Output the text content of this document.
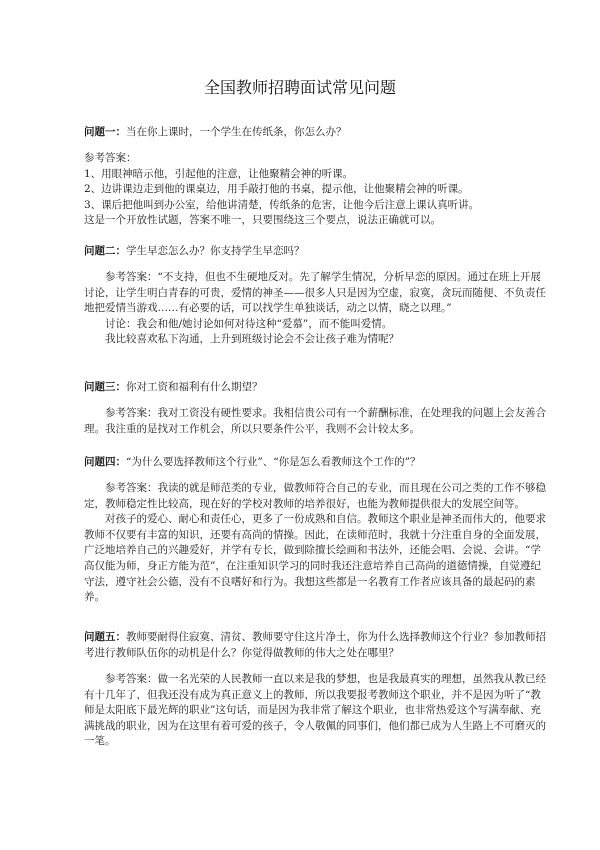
全国教师招聘面试常见问题

问题一：当在你上课时，一个学生在传纸条，你怎么办？

参考答案：

1、用眼神暗示他，引起他的注意，让他聚精会神的听课。

2、边讲课边走到他的课桌边，用手敲打他的书桌，提示他，让他聚精会神的听课。

3、课后把他叫到办公室，给他讲清楚，传纸条的危害，让他今后注意上课认真听讲。

这是一个开放性试题，答案不唯一，只要围绕这三个要点，说法正确就可以。

问题二：学生早恋怎么办？你支持学生早恋吗？

参考答案：“不支持，但也不生硬地反对。先了解学生情况，分析早恋的原因。通过在班上开展讨论，让学生明白青春的可贵，爱情的神圣——很多人只是因为空虚，寂寞，贪玩而随便、不负责任地把爱情当游戏……有必要的话，可以找学生单独谈话，动之以情，晓之以理。”

讨论：我会和他/她讨论如何对待这种“爱慕”，而不能叫爱情。

我比较喜欢私下沟通，上升到班级讨论会不会让孩子难为情呢？

问题三：你对工资和福利有什么期望？

参考答案：我对工资没有硬性要求。我相信贵公司有一个薪酬标准，在处理我的问题上会友善合理。我注重的是找对工作机会，所以只要条件公平，我则不会计较太多。

问题四：“为什么要选择教师这个行业”、“你是怎么看教师这个工作的”？

参考答案：我读的就是师范类的专业，做教师符合自己的专业，而且现在公司之类的工作不够稳定，教师稳定性比较高，现在好的学校对教师的培养很好，也能为教师提供很大的发展空间等。

对孩子的爱心、耐心和责任心，更多了一份成熟和自信。教师这个职业是神圣而伟大的，他要求教师不仅要有丰富的知识，还要有高尚的情操。因此，在读师范时，我就十分注重自身的全面发展，广泛地培养自己的兴趣爱好，并学有专长，做到除擅长绘画和书法外，还能会唱、会说、会讲。“学高仅能为师，身正方能为范”，在注重知识学习的同时我还注意培养自己高尚的道德情操，自觉遵纪守法，遵守社会公德，没有不良嗜好和行为。我想这些都是一名教育工作者应该具备的最起码的素养。

问题五：教师要耐得住寂寞、清贫、教师要守住这片净土，你为什么选择教师这个行业？参加教师招考进行教师队伍你的动机是什么？你觉得做教师的伟大之处在哪里？

参考答案：做一名光荣的人民教师一直以来是我的梦想，也是我最真实的理想，虽然我从教已经有十几年了，但我还没有成为真正意义上的教师，所以我要报考教师这个职业，并不是因为听了“教师是太阳底下最光辉的职业”这句话，而是因为我非常了解这个职业，也非常热爱这个写满奉献、充满挑战的职业，因为在这里有着可爱的孩子，令人敬佩的同事们，他们都已成为人生路上不可磨灭的一笔。
